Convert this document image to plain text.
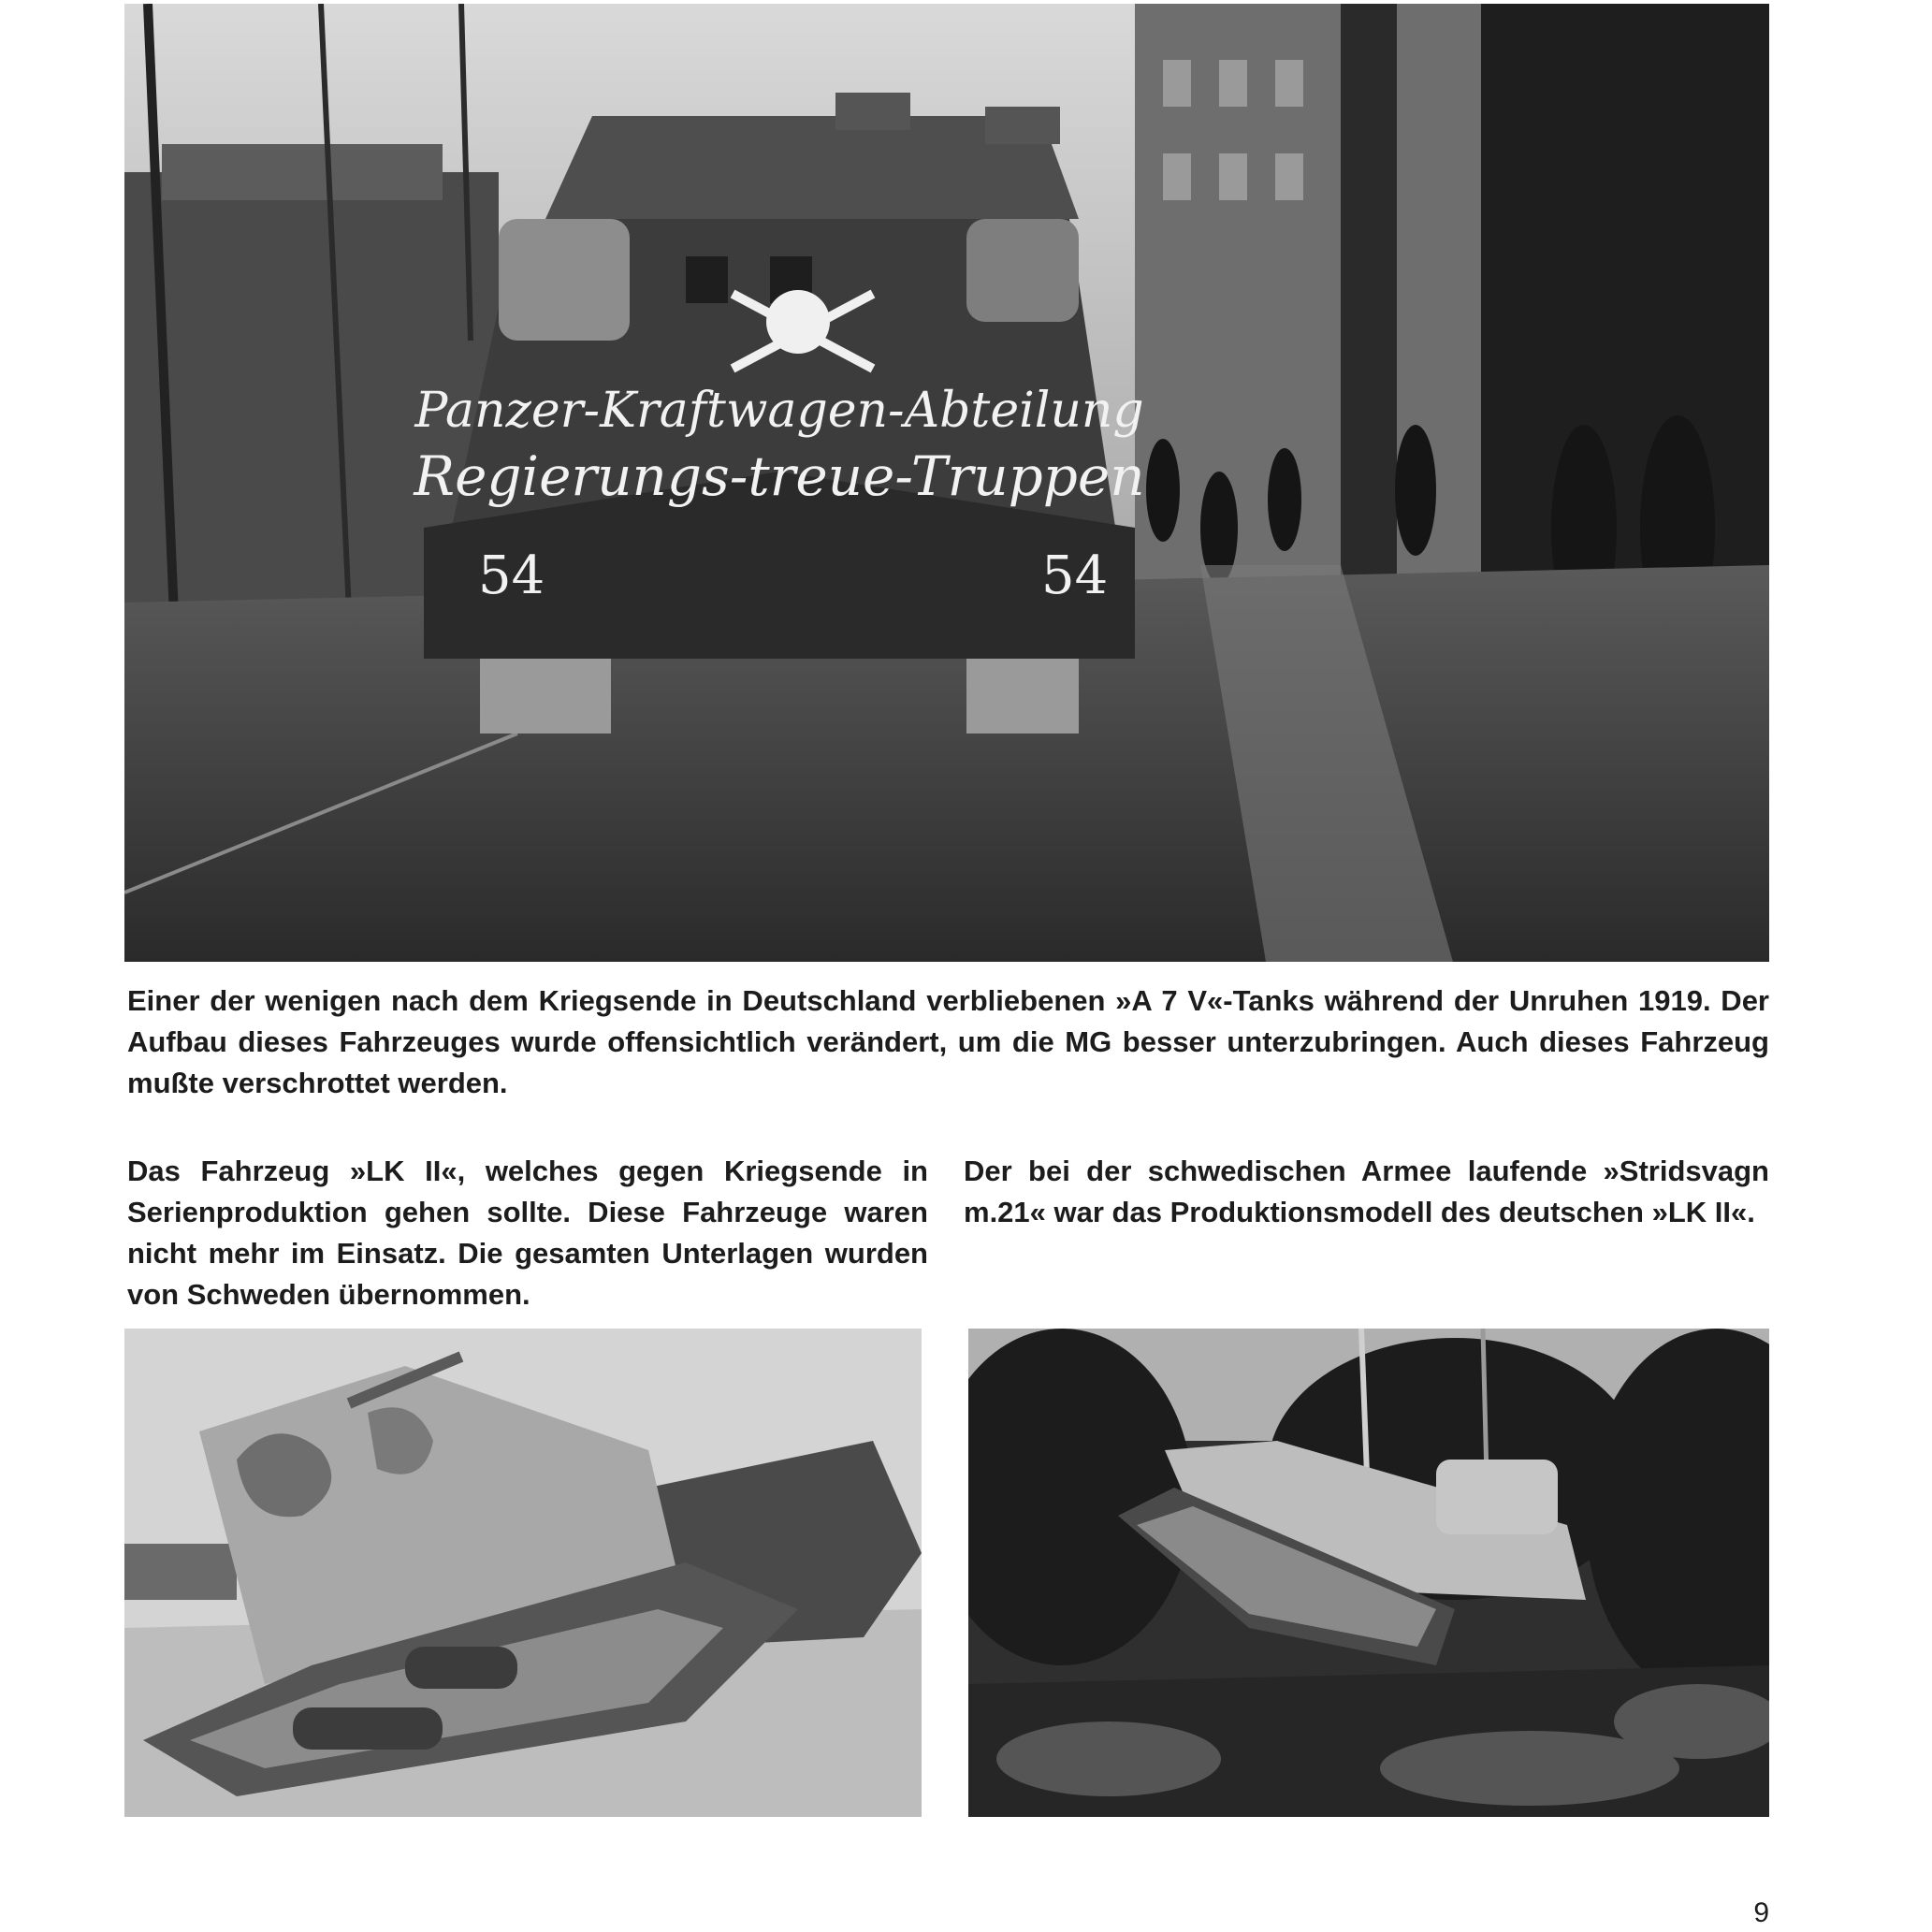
Panzer-Kraftwagen-Abteilung
Regierungs-treue-Truppen
54	54

Einer der wenigen nach dem Kriegsende in Deutschland verbliebenen »A 7 V«-Tanks während der Unruhen 1919. Der Aufbau dieses Fahrzeuges wurde offensichtlich verändert, um die MG besser unterzubringen. Auch dieses Fahrzeug mußte verschrottet werden.

Das Fahrzeug »LK II«, welches gegen Kriegsende in Serienproduktion gehen sollte. Diese Fahrzeuge waren nicht mehr im Einsatz. Die gesamten Unterlagen wurden von Schweden übernommen.

Der bei der schwedischen Armee laufende »Stridsvagn m.21« war das Produktionsmodell des deutschen »LK II«.

9
